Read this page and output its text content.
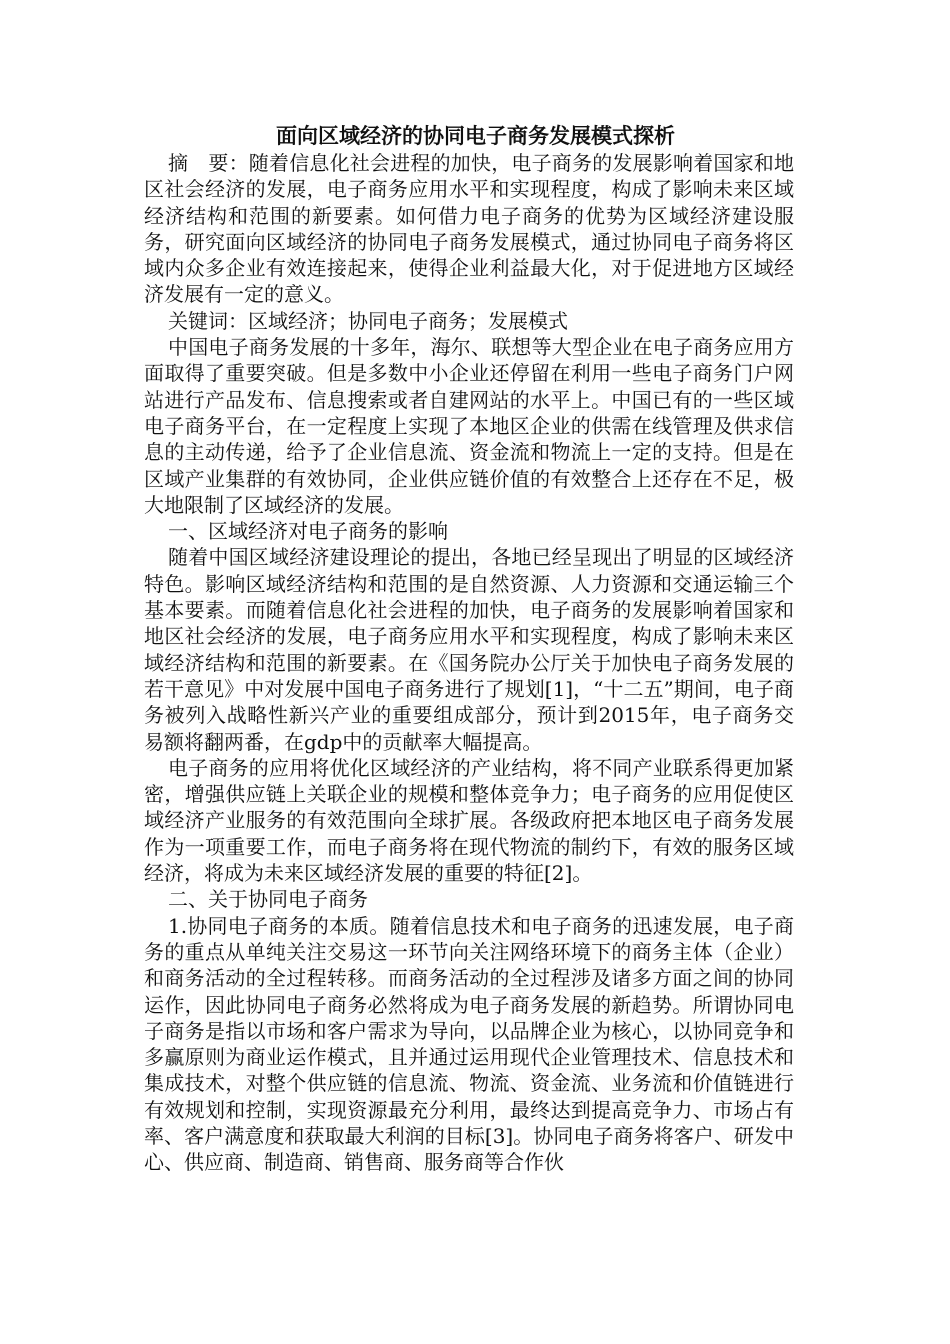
面向区域经济的协同电子商务发展模式探析

摘　要：随着信息化社会进程的加快，电子商务的发展影响着国家和地区社会经济的发展，电子商务应用水平和实现程度，构成了影响未来区域经济结构和范围的新要素。如何借力电子商务的优势为区域经济建设服务，研究面向区域经济的协同电子商务发展模式，通过协同电子商务将区域内众多企业有效连接起来，使得企业利益最大化，对于促进地方区域经济发展有一定的意义。

关键词：区域经济；协同电子商务；发展模式

中国电子商务发展的十多年，海尔、联想等大型企业在电子商务应用方面取得了重要突破。但是多数中小企业还停留在利用一些电子商务门户网站进行产品发布、信息搜索或者自建网站的水平上。中国已有的一些区域电子商务平台，在一定程度上实现了本地区企业的供需在线管理及供求信息的主动传递，给予了企业信息流、资金流和物流上一定的支持。但是在区域产业集群的有效协同，企业供应链价值的有效整合上还存在不足，极大地限制了区域经济的发展。

一、区域经济对电子商务的影响

随着中国区域经济建设理论的提出，各地已经呈现出了明显的区域经济特色。影响区域经济结构和范围的是自然资源、人力资源和交通运输三个基本要素。而随着信息化社会进程的加快，电子商务的发展影响着国家和地区社会经济的发展，电子商务应用水平和实现程度，构成了影响未来区域经济结构和范围的新要素。在《国务院办公厅关于加快电子商务发展的若干意见》中对发展中国电子商务进行了规划[1]，“十二五”期间，电子商务被列入战略性新兴产业的重要组成部分，预计到2015年，电子商务交易额将翻两番，在gdp中的贡献率大幅提高。

电子商务的应用将优化区域经济的产业结构，将不同产业联系得更加紧密，增强供应链上关联企业的规模和整体竞争力；电子商务的应用促使区域经济产业服务的有效范围向全球扩展。各级政府把本地区电子商务发展作为一项重要工作，而电子商务将在现代物流的制约下，有效的服务区域经济，将成为未来区域经济发展的重要的特征[2]。

二、关于协同电子商务

1.协同电子商务的本质。随着信息技术和电子商务的迅速发展，电子商务的重点从单纯关注交易这一环节向关注网络环境下的商务主体（企业）和商务活动的全过程转移。而商务活动的全过程涉及诸多方面之间的协同运作，因此协同电子商务必然将成为电子商务发展的新趋势。所谓协同电子商务是指以市场和客户需求为导向，以品牌企业为核心，以协同竞争和多赢原则为商业运作模式，且并通过运用现代企业管理技术、信息技术和集成技术，对整个供应链的信息流、物流、资金流、业务流和价值链进行有效规划和控制，实现资源最充分利用，最终达到提高竞争力、市场占有率、客户满意度和获取最大利润的目标[3]。协同电子商务将客户、研发中心、供应商、制造商、销售商、服务商等合作伙
